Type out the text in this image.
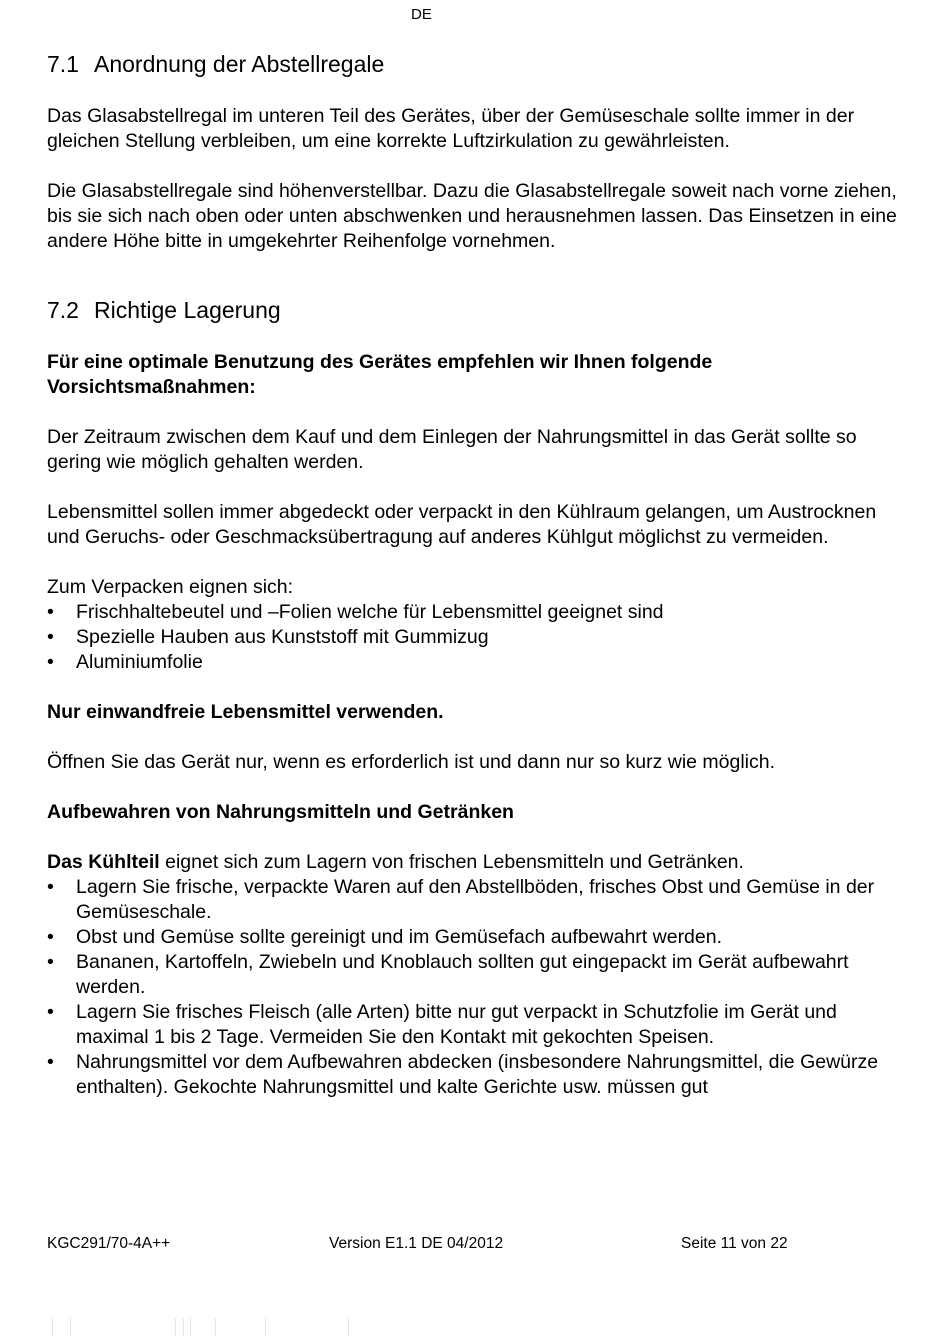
DE
7.1 Anordnung der Abstellregale

Das Glasabstellregal im unteren Teil des Gerätes, über der Gemüseschale sollte immer in der gleichen Stellung verbleiben, um eine korrekte Luftzirkulation zu gewährleisten.

Die Glasabstellregale sind höhenverstellbar. Dazu die Glasabstellregale soweit nach vorne ziehen, bis sie sich nach oben oder unten abschwenken und herausnehmen lassen. Das Einsetzen in eine andere Höhe bitte in umgekehrter Reihenfolge vornehmen.

7.2 Richtige Lagerung

Für eine optimale Benutzung des Gerätes empfehlen wir Ihnen folgende Vorsichtsmaßnahmen:

Der Zeitraum zwischen dem Kauf und dem Einlegen der Nahrungsmittel in das Gerät sollte so gering wie möglich gehalten werden.

Lebensmittel sollen immer abgedeckt oder verpackt in den Kühlraum gelangen, um Austrocknen und Geruchs- oder Geschmacksübertragung auf anderes Kühlgut möglichst zu vermeiden.

Zum Verpacken eignen sich:

• Frischhaltebeutel und –Folien welche für Lebensmittel geeignet sind
• Spezielle Hauben aus Kunststoff mit Gummizug
• Aluminiumfolie

Nur einwandfreie Lebensmittel verwenden.

Öffnen Sie das Gerät nur, wenn es erforderlich ist und dann nur so kurz wie möglich.

Aufbewahren von Nahrungsmitteln und Getränken

Das Kühlteil eignet sich zum Lagern von frischen Lebensmitteln und Getränken.

• Lagern Sie frische, verpackte Waren auf den Abstellböden, frisches Obst und Gemüse in der Gemüseschale.
• Obst und Gemüse sollte gereinigt und im Gemüsefach aufbewahrt werden.
• Bananen, Kartoffeln, Zwiebeln und Knoblauch sollten gut eingepackt im Gerät aufbewahrt werden.
• Lagern Sie frisches Fleisch (alle Arten) bitte nur gut verpackt in Schutzfolie im Gerät und maximal 1 bis 2 Tage. Vermeiden Sie den Kontakt mit gekochten Speisen.
• Nahrungsmittel vor dem Aufbewahren abdecken (insbesondere Nahrungsmittel, die Gewürze enthalten). Gekochte Nahrungsmittel und kalte Gerichte usw. müssen gut
KGC291/70-4A++	Version E1.1 DE 04/2012	Seite 11 von 22
